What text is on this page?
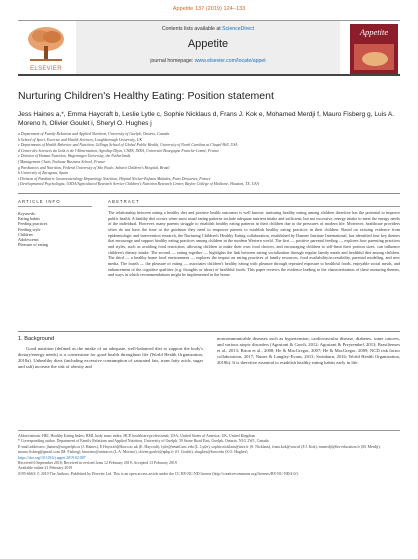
Appetite 137 (2019) 124–133
ELSEVIER
Contents lists available at ScienceDirect
Appetite
journal homepage: www.elsevier.com/locate/appet
Appetite
Nurturing Children's Healthy Eating: Position statement
Jess Haines a,*, Emma Haycraft b, Leslie Lytle c, Sophie Nicklaus d, Frans J. Kok e, Mohamed Merdji f, Mauro Fisberg g, Luis A. Moreno h, Olivier Goulet i, Sheryl O. Hughes j
a Department of Family Relations and Applied Nutrition, University of Guelph, Ontario, Canada
b School of Sport, Exercise and Health Sciences, Loughborough University, UK
c Departments of Health Behavior and Nutrition, Gillings School of Global Public Health, University of North Carolina at Chapel Hill, USA
d Centre des Sciences du Goût et de l'Alimentation, AgroSup Dijon, CNRS, INRA, Université Bourgogne Franche-Comté, France
e Division of Human Nutrition, Wageningen University, the Netherlands
f Management Chair, Toulouse Business School, France
g Paediatrics and Nutrition, Federal University of São Paulo, Sabará Children's Hospital, Brazil
h University of Zaragoza, Spain
i Division of Paediatric Gastroenterology Hepatology Nutrition, Hôpital Necker-Enfants Malades, Paris Descartes, France
j Developmental Psychologist, USDA/Agricultural Research Service Children's Nutrition Research Center, Baylor College of Medicine, Houston, TX, USA
ARTICLE INFO
Keywords:
Eating habits
Feeding practices
Feeding style
Children
Adolescents
Pleasure of eating
ABSTRACT
The relationship between eating a healthy diet and positive health outcomes is well known: nurturing healthy eating among children therefore has the potential to improve public health. A healthy diet occurs when most usual eating patterns include adequate nutrient intake and sufficient, but not excessive, energy intake to meet the energy needs of the individual. However, many parents struggle to establish healthy eating patterns in their children due to the pressures of modern life. Moreover, healthcare providers often do not have the time or the guidance they need to empower parents to establish healthy eating practices in their children. Based on existing evidence from epidemiologic and intervention research, the Nurturing Children's Healthy Eating collaboration, established by Danone Institute International, has identified four key themes that encourage and support healthy eating practices among children in the modern Western world. The first — positive parental feeding — explores how parenting practices and styles, such as avoiding food restriction, allowing children to make their own food choices, and encouraging children to self-limit their portion sizes, can influence children's dietary intake. The second — eating together — highlights the link between eating socialization through regular family meals and healthful diet among children. The third — a healthy home food environment — explores the impact on eating practices of family resources, food availability/accessibility, parental modeling, and new media. The fourth — the pleasure of eating — associates children's healthy eating with pleasure through repeated exposure to healthful foods, enjoyable social meals, and enhancement of the cognitive qualities (e.g. thoughts or ideas) of healthful foods. This paper reviews the evidence leading to the characterization of these nurturing themes, and ways in which recommendations might be implemented in the home.
1. Background
Good nutrition (defined as the intake of an adequate, well-balanced diet to support the body's dietary/energy needs) is a cornerstone for good health throughout life (World Health Organization, 2018a). Unhealthy diets (including excessive consumption of saturated fats, trans fatty acids, sugar and salt) increase the risk of obesity and
noncommunicable diseases such as hypertension, cardiovascular disease, diabetes, some cancers, and various atopic disorders (Agostoni & Caroli, 2012; Agostoni & Przyrembel, 2013; Brasilienses et al., 2013; Brion et al., 2008; He & MacGregor, 2007; He & MacGregor, 2009; NCD risk factor collaboration, 2017; Nunes & Langley-Evans, 2013; Swinburn, 2016; World Health Organization, 2018b). It is therefore essential to establish healthy eating habits early in life.
Abbreviations: HEI, Healthy Eating Index; BMI, body mass index; HCP, healthcare professional; USA, United States of America; UK, United Kingdom
* Corresponding author. Department of Family Relations and Applied Nutrition, University of Guelph, 50 Stone Road East, Guelph, Ontario, N1G 2W1, Canada.
E-mail addresses: jhaines@uoguelph.ca (J. Haines), E.Haycraft@lboro.ac.uk (E. Haycraft), lytle@email.unc.edu (L. Lytle), sophie.nicklaus@inra.fr (S. Nicklaus), frans.kok@wur.nl (F.J. Kok), mmerdji@tbs-education.fr (M. Merdji), mauro.fisberg@gmail.com (M. Fisberg), lmoreno@unizar.es (L.A. Moreno), olivier.goulet@aphp.fr (O. Goulet), shughes@bcm.edu (S.O. Hughes).
https://doi.org/10.1016/j.appet.2019.02.007
Received 6 September 2018; Received in revised form 12 February 2019; Accepted 13 February 2019
Available online 21 February 2019
0195-6663/ © 2019 The Authors. Published by Elsevier Ltd. This is an open access article under the CC BY-NC-ND license (http://creativecommons.org/licenses/BY-NC-ND/4.0/).
